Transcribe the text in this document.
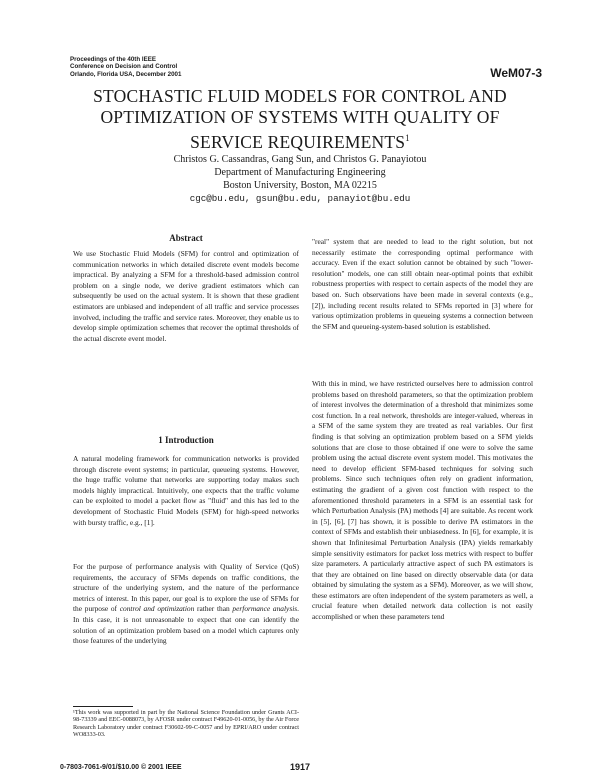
Proceedings of the 40th IEEE
Conference on Decision and Control
Orlando, Florida USA, December 2001	WeM07-3
STOCHASTIC FLUID MODELS FOR CONTROL AND
OPTIMIZATION OF SYSTEMS WITH QUALITY OF
SERVICE REQUIREMENTS$^1$
Christos G. Cassandras, Gang Sun, and Christos G. Panayiotou
Department of Manufacturing Engineering
Boston University, Boston, MA 02215
cgc@bu.edu, gsun@bu.edu, panayiot@bu.edu
Abstract

We use Stochastic Fluid Models (SFM) for control and optimization of communication networks in which detailed discrete event models become impractical. By analyzing a SFM for a threshold-based admission control problem on a single node, we derive gradient estimators which can subsequently be used on the actual system. It is shown that these gradient estimators are unbiased and independent of all traffic and service processes involved, including the traffic and service rates. Moreover, they enable us to develop simple optimization schemes that recover the optimal thresholds of the actual discrete event model.

1 Introduction

A natural modeling framework for communication networks is provided through discrete event systems; in particular, queueing systems. However, the huge traffic volume that networks are supporting today makes such models highly impractical. Intuitively, one expects that the traffic volume can be exploited to model a packet flow as "fluid" and this has led to the development of Stochastic Fluid Models (SFM) for high-speed networks with bursty traffic, e.g., [1].

For the purpose of performance analysis with Quality of Service (QoS) requirements, the accuracy of SFMs depends on traffic conditions, the structure of the underlying system, and the nature of the performance metrics of interest. In this paper, our goal is to explore the use of SFMs for the purpose of control and optimization rather than performance analysis. In this case, it is not unreasonable to expect that one can identify the solution of an optimization problem based on a model which captures only those features of the underlying

¹This work was supported in part by the National Science Foundation under Grants ACI-98-73339 and EEC-0088073, by AFOSR under contract F49620-01-0056, by the Air Force Research Laboratory under contract F30602-99-C-0057 and by EPRI/ARO under contract WO8333-03.

"real" system that are needed to lead to the right solution, but not necessarily estimate the corresponding optimal performance with accuracy. Even if the exact solution cannot be obtained by such "lower-resolution" models, one can still obtain near-optimal points that exhibit robustness properties with respect to certain aspects of the model they are based on. Such observations have been made in several contexts (e.g., [2]), including recent results related to SFMs reported in [3] where for various optimization problems in queueing systems a connection between the SFM and queueing-system-based solution is established.

With this in mind, we have restricted ourselves here to admission control problems based on threshold parameters, so that the optimization problem of interest involves the determination of a threshold that minimizes some cost function. In a real network, thresholds are integer-valued, whereas in a SFM of the same system they are treated as real variables. Our first finding is that solving an optimization problem based on a SFM yields solutions that are close to those obtained if one were to solve the same problem using the actual discrete event system model. This motivates the need to develop efficient SFM-based techniques for solving such problems. Since such techniques often rely on gradient information, estimating the gradient of a given cost function with respect to the aforementioned threshold parameters in a SFM is an essential task for which Perturbation Analysis (PA) methods [4] are suitable. As recent work in [5], [6], [7] has shown, it is possible to derive PA estimators in the context of SFMs and establish their unbiasedness. In [6], for example, it is shown that Infinitesimal Perturbation Analysis (IPA) yields remarkably simple sensitivity estimators for packet loss metrics with respect to buffer size parameters. A particularly attractive aspect of such PA estimators is that they are obtained on line based on directly observable data (or data obtained by simulating the system as a SFM). Moreover, as we will show, these estimators are often independent of the system parameters as well, a crucial feature when detailed network data collection is not easily accomplished or when these parameters tend

0-7803-7061-9/01/$10.00 © 2001 IEEE	1917
